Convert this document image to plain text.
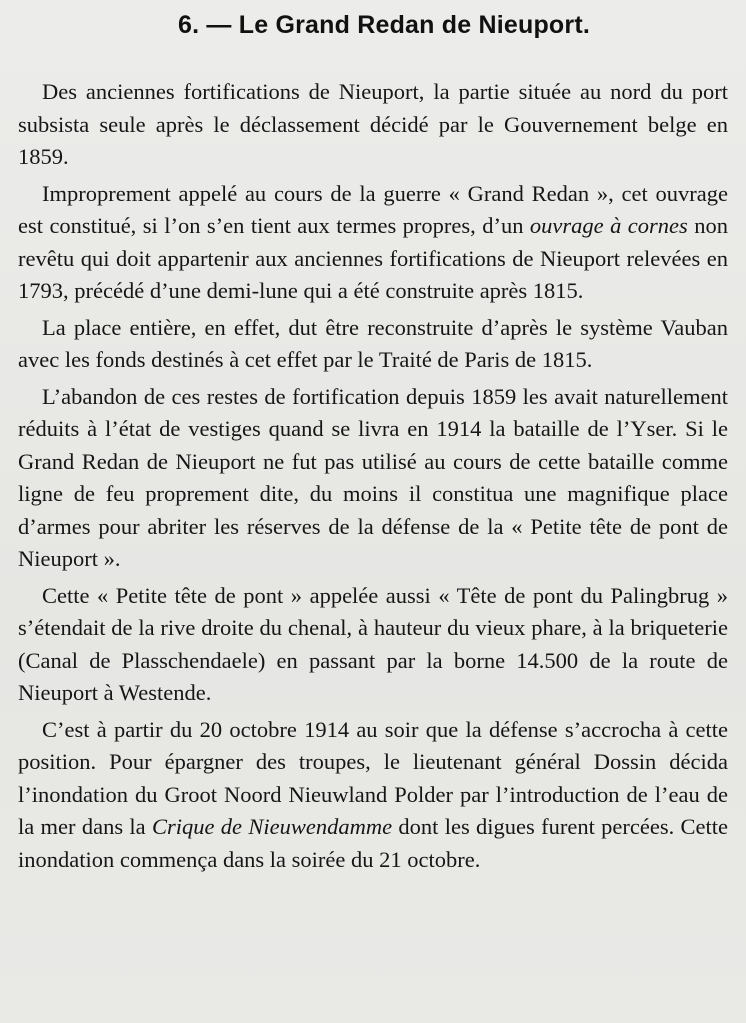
6. — Le Grand Redan de Nieuport.

Des anciennes fortifications de Nieuport, la partie située au nord du port subsista seule après le déclassement décidé par le Gouvernement belge en 1859.

Improprement appelé au cours de la guerre « Grand Redan », cet ouvrage est constitué, si l’on s’en tient aux termes propres, d’un ouvrage à cornes non revêtu qui doit appartenir aux anciennes fortifications de Nieuport relevées en 1793, précédé d’une demi-lune qui a été construite après 1815.

La place entière, en effet, dut être reconstruite d’après le système Vauban avec les fonds destinés à cet effet par le Traité de Paris de 1815.

L’abandon de ces restes de fortification depuis 1859 les avait naturellement réduits à l’état de vestiges quand se livra en 1914 la bataille de l’Yser. Si le Grand Redan de Nieuport ne fut pas utilisé au cours de cette bataille comme ligne de feu proprement dite, du moins il constitua une magnifique place d’armes pour abriter les réserves de la défense de la « Petite tête de pont de Nieuport ».

Cette « Petite tête de pont » appelée aussi « Tête de pont du Palingbrug » s’étendait de la rive droite du chenal, à hauteur du vieux phare, à la briqueterie (Canal de Plasschendaele) en passant par la borne 14.500 de la route de Nieuport à Westende.

C’est à partir du 20 octobre 1914 au soir que la défense s’accrocha à cette position. Pour épargner des troupes, le lieutenant général Dossin décida l’inondation du Groot Noord Nieuwland Polder par l’introduction de l’eau de la mer dans la Crique de Nieuwendamme dont les digues furent percées. Cette inondation commença dans la soirée du 21 octobre.
